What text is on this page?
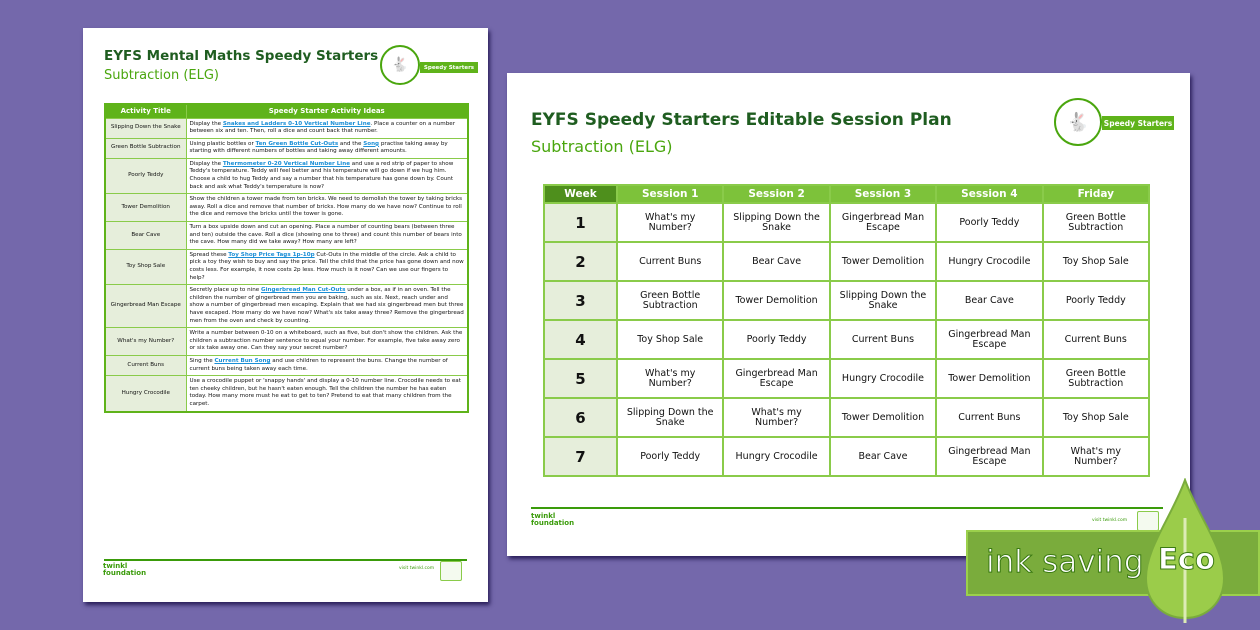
EYFS Mental Maths Speedy Starters
Subtraction (ELG)
🐇	Speedy Starters
Activity Title	Speedy Starter Activity Ideas
Slipping Down the Snake	Display the Snakes and Ladders 0-10 Vertical Number Line. Place a counter on a number between six and ten. Then, roll a dice and count back that number.
Green Bottle Subtraction	Using plastic bottles or Ten Green Bottle Cut-Outs and the Song practise taking away by starting with different numbers of bottles and taking away different amounts.
Poorly Teddy	Display the Thermometer 0-20 Vertical Number Line and use a red strip of paper to show Teddy's temperature. Teddy will feel better and his temperature will go down if we hug him. Choose a child to hug Teddy and say a number that his temperature has gone down by. Count back and ask what Teddy's temperature is now?
Tower Demolition	Show the children a tower made from ten bricks. We need to demolish the tower by taking bricks away. Roll a dice and remove that number of bricks. How many do we have now? Continue to roll the dice and remove the bricks until the tower is gone.
Bear Cave	Turn a box upside down and cut an opening. Place a number of counting bears (between three and ten) outside the cave. Roll a dice (showing one to three) and count this number of bears into the cave. How many did we take away? How many are left?
Toy Shop Sale	Spread these Toy Shop Price Tags 1p-10p Cut-Outs in the middle of the circle. Ask a child to pick a toy they wish to buy and say the price. Tell the child that the price has gone down and now costs less. For example, it now costs 2p less. How much is it now? Can we use our fingers to help?
Gingerbread Man Escape	Secretly place up to nine Gingerbread Man Cut-Outs under a box, as if in an oven. Tell the children the number of gingerbread men you are baking, such as six. Next, reach under and show a number of gingerbread men escaping. Explain that we had six gingerbread men but three have escaped. How many do we have now? What's six take away three? Remove the gingerbread men from the oven and check by counting.
What's my Number?	Write a number between 0-10 on a whiteboard, such as five, but don't show the children. Ask the children a subtraction number sentence to equal your number. For example, five take away zero or six take away one. Can they say your secret number?
Current Buns	Sing the Current Bun Song and use children to represent the buns. Change the number of current buns being taken away each time.
Hungry Crocodile	Use a crocodile puppet or 'snappy hands' and display a 0-10 number line. Crocodile needs to eat ten cheeky children, but he hasn't eaten enough. Tell the children the number he has eaten today. How many more must he eat to get to ten? Pretend to eat that many children from the carpet.
twinkl
foundation
visit twinkl.com
EYFS Speedy Starters Editable Session Plan
Subtraction (ELG)
🐇	Speedy Starters
Week	Session 1	Session 2	Session 3	Session 4	Friday
1	What's my Number?	Slipping Down the Snake	Gingerbread Man Escape	Poorly Teddy	Green Bottle Subtraction
2	Current Buns	Bear Cave	Tower Demolition	Hungry Crocodile	Toy Shop Sale
3	Green Bottle Subtraction	Tower Demolition	Slipping Down the Snake	Bear Cave	Poorly Teddy
4	Toy Shop Sale	Poorly Teddy	Current Buns	Gingerbread Man Escape	Current Buns
5	What's my Number?	Gingerbread Man Escape	Hungry Crocodile	Tower Demolition	Green Bottle Subtraction
6	Slipping Down the Snake	What's my Number?	Tower Demolition	Current Buns	Toy Shop Sale
7	Poorly Teddy	Hungry Crocodile	Bear Cave	Gingerbread Man Escape	What's my Number?
twinkl
foundation	visit twinkl.com
ink saving Eco
